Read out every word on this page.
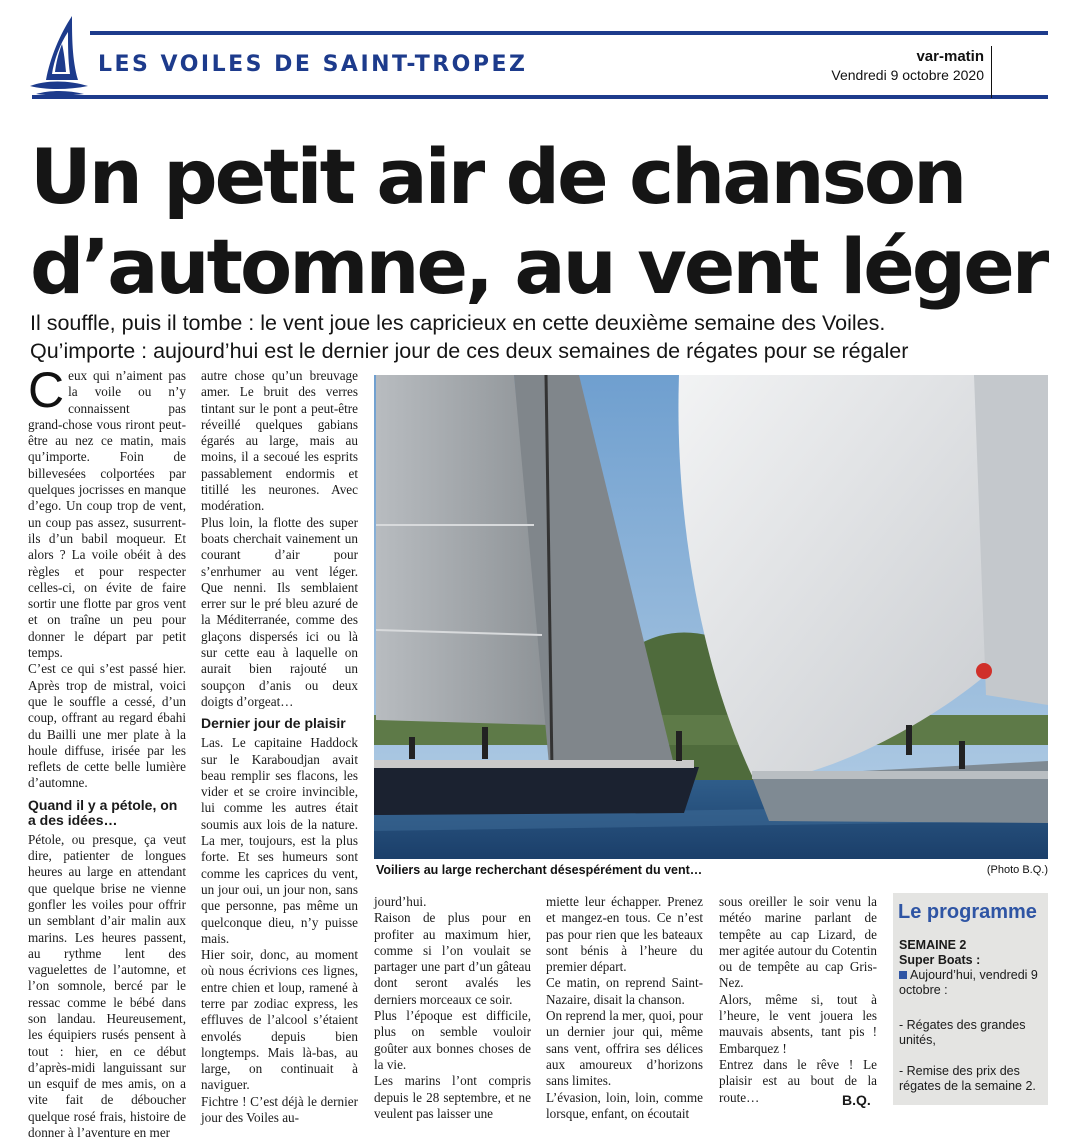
LES VOILES DE SAINT-TROPEZ	var-matin
Vendredi 9 octobre 2020
Un petit air de chanson
d’automne, au vent léger
Il souffle, puis il tombe : le vent joue les capricieux en cette deuxième semaine des Voiles.
Qu’importe : aujourd’hui est le dernier jour de ces deux semaines de régates pour se régaler

Ceux qui n’aiment pas la voile ou n’y connaissent pas grand-chose vous riront peut-être au nez ce matin, mais qu’importe. Foin de billevesées colportées par quelques jocrisses en manque d’ego. Un coup trop de vent, un coup pas assez, susurrent-ils d’un babil moqueur. Et alors ? La voile obéit à des règles et pour respecter celles-ci, on évite de faire sortir une flotte par gros vent et on traîne un peu pour donner le départ par petit temps.

C’est ce qui s’est passé hier. Après trop de mistral, voici que le souffle a cessé, d’un coup, offrant au regard ébahi du Bailli une mer plate à la houle diffuse, irisée par les reflets de cette belle lumière d’automne.

Quand il y a pétole, on a des idées…

Pétole, ou presque, ça veut dire, patienter de longues heures au large en attendant que quelque brise ne vienne gonfler les voiles pour offrir un semblant d’air malin aux marins. Les heures passent, au rythme lent des vaguelettes de l’automne, et l’on somnole, bercé par le ressac comme le bébé dans son landau. Heureusement, les équipiers rusés pensent à tout : hier, en ce début d’après-midi languissant sur un esquif de mes amis, on a vite fait de déboucher quelque rosé frais, histoire de donner à l’aventure en mer

autre chose qu’un breuvage amer. Le bruit des verres tintant sur le pont a peut-être réveillé quelques gabians égarés au large, mais au moins, il a secoué les esprits passablement endormis et titillé les neurones. Avec modération.

Plus loin, la flotte des super boats cherchait vainement un courant d’air pour s’enrhumer au vent léger. Que nenni. Ils semblaient errer sur le pré bleu azuré de la Méditerranée, comme des glaçons dispersés ici ou là sur cette eau à laquelle on aurait bien rajouté un soupçon d’anis ou deux doigts d’orgeat…

Dernier jour de plaisir

Las. Le capitaine Haddock sur le Karaboudjan avait beau remplir ses flacons, les vider et se croire invincible, lui comme les autres était soumis aux lois de la nature. La mer, toujours, est la plus forte. Et ses humeurs sont comme les caprices du vent, un jour oui, un jour non, sans que personne, pas même un quelconque dieu, n’y puisse mais.

Hier soir, donc, au moment où nous écrivions ces lignes, entre chien et loup, ramené à terre par zodiac express, les effluves de l’alcool s’étaient envolés depuis bien longtemps. Mais là-bas, au large, on continuait à naviguer.

Fichtre ! C’est déjà le dernier jour des Voiles au-

Voiliers au large recherchant désespérément du vent…	(Photo B.Q.)

jourd’hui.

Raison de plus pour en profiter au maximum hier, comme si l’on voulait se partager une part d’un gâteau dont seront avalés les derniers morceaux ce soir.

Plus l’époque est difficile, plus on semble vouloir goûter aux bonnes choses de la vie.

Les marins l’ont compris depuis le 28 septembre, et ne veulent pas laisser une

miette leur échapper. Prenez et mangez-en tous. Ce n’est pas pour rien que les bateaux sont bénis à l’heure du premier départ.

Ce matin, on reprend Saint-Nazaire, disait la chanson.

On reprend la mer, quoi, pour un dernier jour qui, même sans vent, offrira ses délices aux amoureux d’horizons sans limites.

L’évasion, loin, loin, comme lorsque, enfant, on écoutait

sous oreiller le soir venu la météo marine parlant de tempête au cap Lizard, de mer agitée autour du Cotentin ou de tempête au cap Gris-Nez.

Alors, même si, tout à l’heure, le vent jouera les mauvais absents, tant pis ! Embarquez !

Entrez dans le rêve ! Le plaisir est au bout de la route…	B.Q.
Le programme
SEMAINE 2
Super Boats :
Aujourd’hui, vendredi 9 octobre :
- Régates des grandes unités,
- Remise des prix des régates de la semaine 2.
